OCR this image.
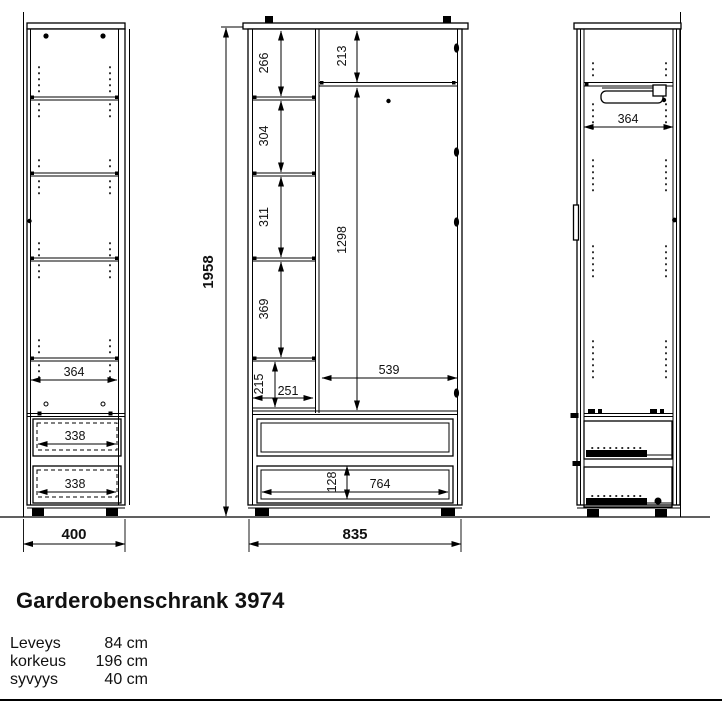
364
338
338
400
1958
266
304
311
369
215 251
213
1298
539
128 764
835
364
Garderobenschrank 3974
Leveys	84 cm
korkeus	196 cm
syvyys	40 cm
